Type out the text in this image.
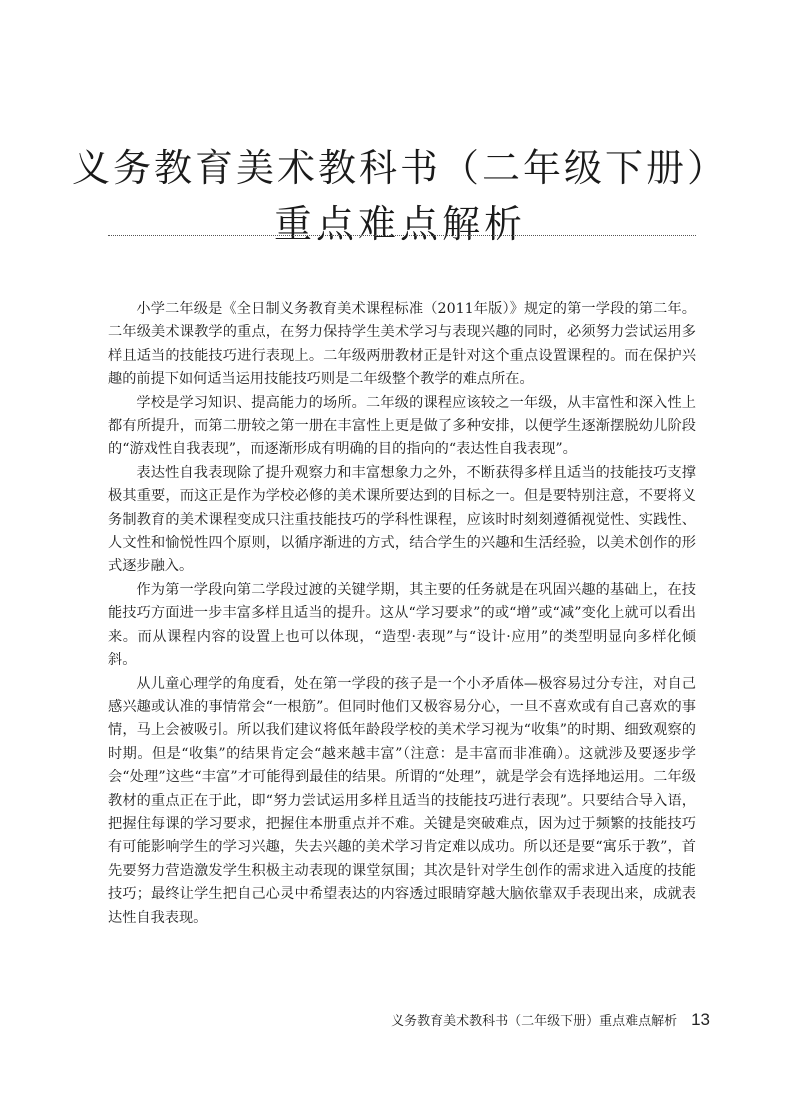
义务教育美术教科书（二年级下册）
重点难点解析

小学二年级是《全日制义务教育美术课程标准（2011年版）》规定的第一学段的第二年。二年级美术课教学的重点，在努力保持学生美术学习与表现兴趣的同时，必须努力尝试运用多样且适当的技能技巧进行表现上。二年级两册教材正是针对这个重点设置课程的。而在保护兴趣的前提下如何适当运用技能技巧则是二年级整个教学的难点所在。

学校是学习知识、提高能力的场所。二年级的课程应该较之一年级，从丰富性和深入性上都有所提升，而第二册较之第一册在丰富性上更是做了多种安排，以便学生逐渐摆脱幼儿阶段的“游戏性自我表现”，而逐渐形成有明确的目的指向的“表达性自我表现”。

表达性自我表现除了提升观察力和丰富想象力之外，不断获得多样且适当的技能技巧支撑极其重要，而这正是作为学校必修的美术课所要达到的目标之一。但是要特别注意，不要将义务制教育的美术课程变成只注重技能技巧的学科性课程，应该时时刻刻遵循视觉性、实践性、人文性和愉悦性四个原则，以循序渐进的方式，结合学生的兴趣和生活经验，以美术创作的形式逐步融入。

作为第一学段向第二学段过渡的关键学期，其主要的任务就是在巩固兴趣的基础上，在技能技巧方面进一步丰富多样且适当的提升。这从“学习要求”的或“增”或“减”变化上就可以看出来。而从课程内容的设置上也可以体现，“造型·表现”与“设计·应用”的类型明显向多样化倾斜。

从儿童心理学的角度看，处在第一学段的孩子是一个小矛盾体—极容易过分专注，对自己感兴趣或认准的事情常会“一根筋”。但同时他们又极容易分心，一旦不喜欢或有自己喜欢的事情，马上会被吸引。所以我们建议将低年龄段学校的美术学习视为“收集”的时期、细致观察的时期。但是“收集”的结果肯定会“越来越丰富”（注意：是丰富而非准确）。这就涉及要逐步学会“处理”这些“丰富”才可能得到最佳的结果。所谓的“处理”，就是学会有选择地运用。二年级教材的重点正在于此，即“努力尝试运用多样且适当的技能技巧进行表现”。只要结合导入语，把握住每课的学习要求，把握住本册重点并不难。关键是突破难点，因为过于频繁的技能技巧有可能影响学生的学习兴趣，失去兴趣的美术学习肯定难以成功。所以还是要“寓乐于教”，首先要努力营造激发学生积极主动表现的课堂氛围；其次是针对学生创作的需求进入适度的技能技巧；最终让学生把自己心灵中希望表达的内容透过眼睛穿越大脑依靠双手表现出来，成就表达性自我表现。

义务教育美术教科书（二年级下册）重点难点解析 13
